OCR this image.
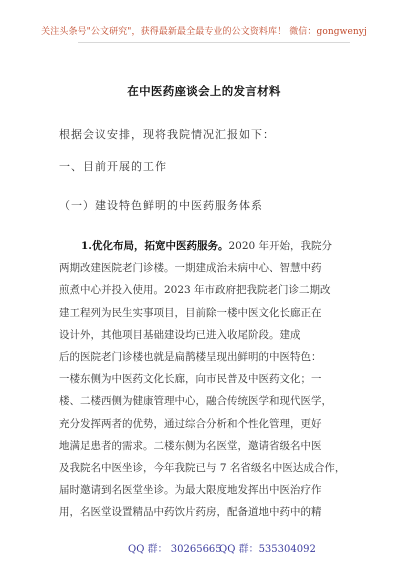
关注头条号"公文研究"，获得最新最全最专业的公文资料库！ 微信：gongwenyj
在中医药座谈会上的发言材料
根据会议安排，现将我院情况汇报如下：
一、目前开展的工作
（一）建设特色鲜明的中医药服务体系
1.优化布局，拓宽中医药服务。2020 年开始，我院分
两期改建医院老门诊楼。一期建成治未病中心、智慧中药
煎煮中心并投入使用。2023 年市政府把我院老门诊二期改
建工程列为民生实事项目，目前除一楼中医文化长廊正在
设计外，其他项目基础建设均已进入收尾阶段。建成
后的医院老门诊楼也就是扁鹊楼呈现出鲜明的中医特色：
一楼东侧为中医药文化长廊，向市民普及中医药文化；一
楼、二楼西侧为健康管理中心，融合传统医学和现代医学，
充分发挥两者的优势，通过综合分析和个性化管理，更好
地满足患者的需求。二楼东侧为名医堂，邀请省级名中医
及我院名中医坐诊，今年我院已与 7 名省级名中医达成合作，
届时邀请到名医堂坐诊。为最大限度地发挥出中医治疗作
用，名医堂设置精品中药饮片药房，配备道地中药中的精
QQ 群： 30265665
QQ 群：535304092
